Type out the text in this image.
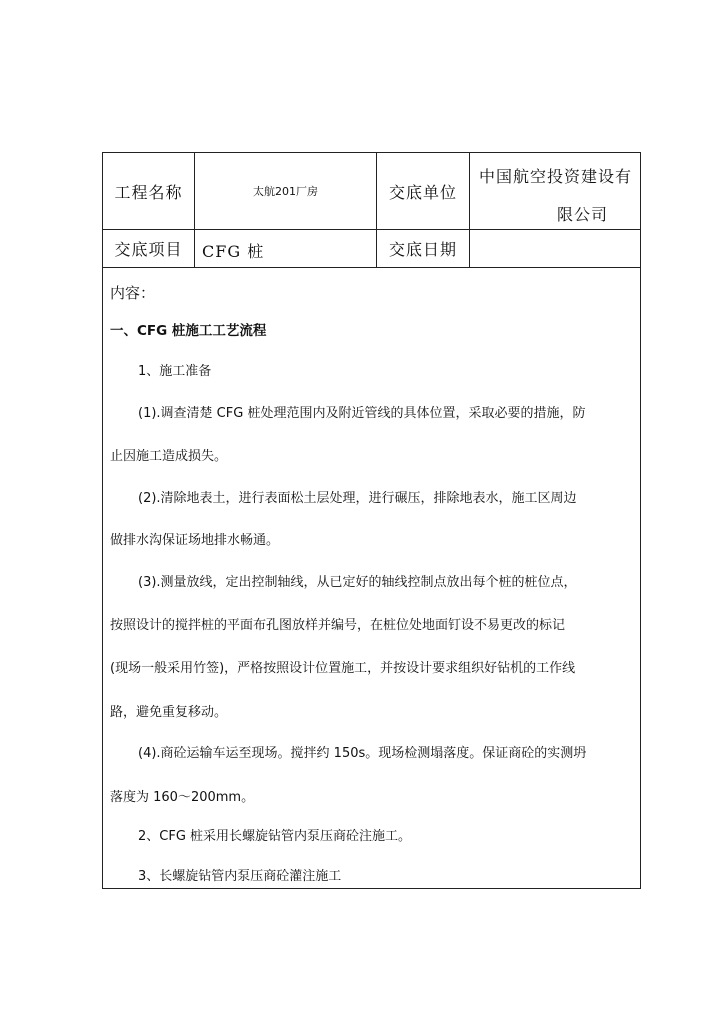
工程名称	太航201厂房	交底单位
中国航空投资建设有
限公司
交底项目	CFG 桩	交底日期
内容：
一、CFG 桩施工工艺流程
1、施工准备
(1).调查清楚 CFG 桩处理范围内及附近管线的具体位置，采取必要的措施，防
止因施工造成损失。
(2).清除地表土，进行表面松土层处理，进行碾压，排除地表水，施工区周边
做排水沟保证场地排水畅通。
(3).测量放线，定出控制轴线，从已定好的轴线控制点放出每个桩的桩位点，
按照设计的搅拌桩的平面布孔图放样并编号，在桩位处地面钉设不易更改的标记
(现场一般采用竹签)，严格按照设计位置施工，并按设计要求组织好钻机的工作线
路，避免重复移动。
(4).商砼运输车运至现场。搅拌约 150s。现场检测塌落度。保证商砼的实测坍
落度为 160～200mm。
2、CFG 桩采用长螺旋钻管内泵压商砼注施工。
3、长螺旋钻管内泵压商砼灌注施工
